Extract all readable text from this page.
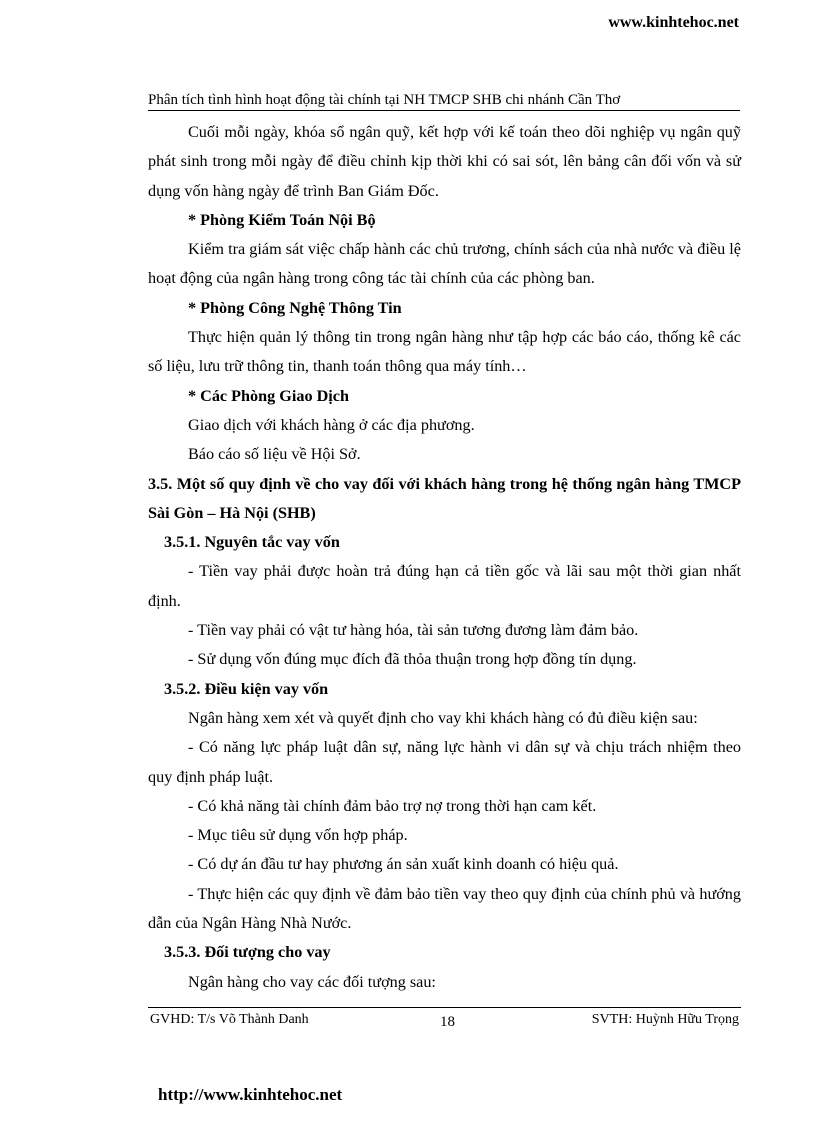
www.kinhtehoc.net
Phân tích tình hình hoạt động tài chính tại NH TMCP SHB chi nhánh Cần Thơ

Cuối mỗi ngày, khóa sổ ngân quỹ, kết hợp với kế toán theo dõi nghiệp vụ ngân quỹ phát sinh trong mỗi ngày để điều chỉnh kịp thời khi có sai sót, lên bảng cân đối vốn và sử dụng vốn hàng ngày để trình Ban Giám Đốc.

* Phòng Kiểm Toán Nội Bộ

Kiểm tra giám sát việc chấp hành các chủ trương, chính sách của nhà nước và điều lệ hoạt động của ngân hàng trong công tác tài chính của các phòng ban.

* Phòng Công Nghệ Thông Tin

Thực hiện quản lý thông tin trong ngân hàng như tập hợp các báo cáo, thống kê các số liệu, lưu trữ thông tin, thanh toán thông qua máy tính…

* Các Phòng Giao Dịch

Giao dịch với khách hàng ở các địa phương.

Báo cáo số liệu về Hội Sở.

3.5. Một số quy định về cho vay đối với khách hàng trong hệ thống ngân hàng TMCP Sài Gòn – Hà Nội (SHB)

3.5.1. Nguyên tắc vay vốn

- Tiền vay phải được hoàn trả đúng hạn cả tiền gốc và lãi sau một thời gian nhất định.

- Tiền vay phải có vật tư hàng hóa, tài sản tương đương làm đảm bảo.

- Sử dụng vốn đúng mục đích đã thỏa thuận trong hợp đồng tín dụng.

3.5.2. Điều kiện vay vốn

Ngân hàng xem xét và quyết định cho vay khi khách hàng có đủ điều kiện sau:

- Có năng lực pháp luật dân sự, năng lực hành vi dân sự và chịu trách nhiệm theo quy định pháp luật.

- Có khả năng tài chính đảm bảo trợ nợ trong thời hạn cam kết.

- Mục tiêu sử dụng vốn hợp pháp.

- Có dự án đầu tư hay phương án sản xuất kinh doanh có hiệu quả.

- Thực hiện các quy định về đảm bảo tiền vay theo quy định của chính phủ và hướng dẫn của Ngân Hàng Nhà Nước.

3.5.3. Đối tượng cho vay

Ngân hàng cho vay các đối tượng sau:

GVHD: T/s Võ Thành Danh	18	SVTH: Huỳnh Hữu Trọng
http://www.kinhtehoc.net
